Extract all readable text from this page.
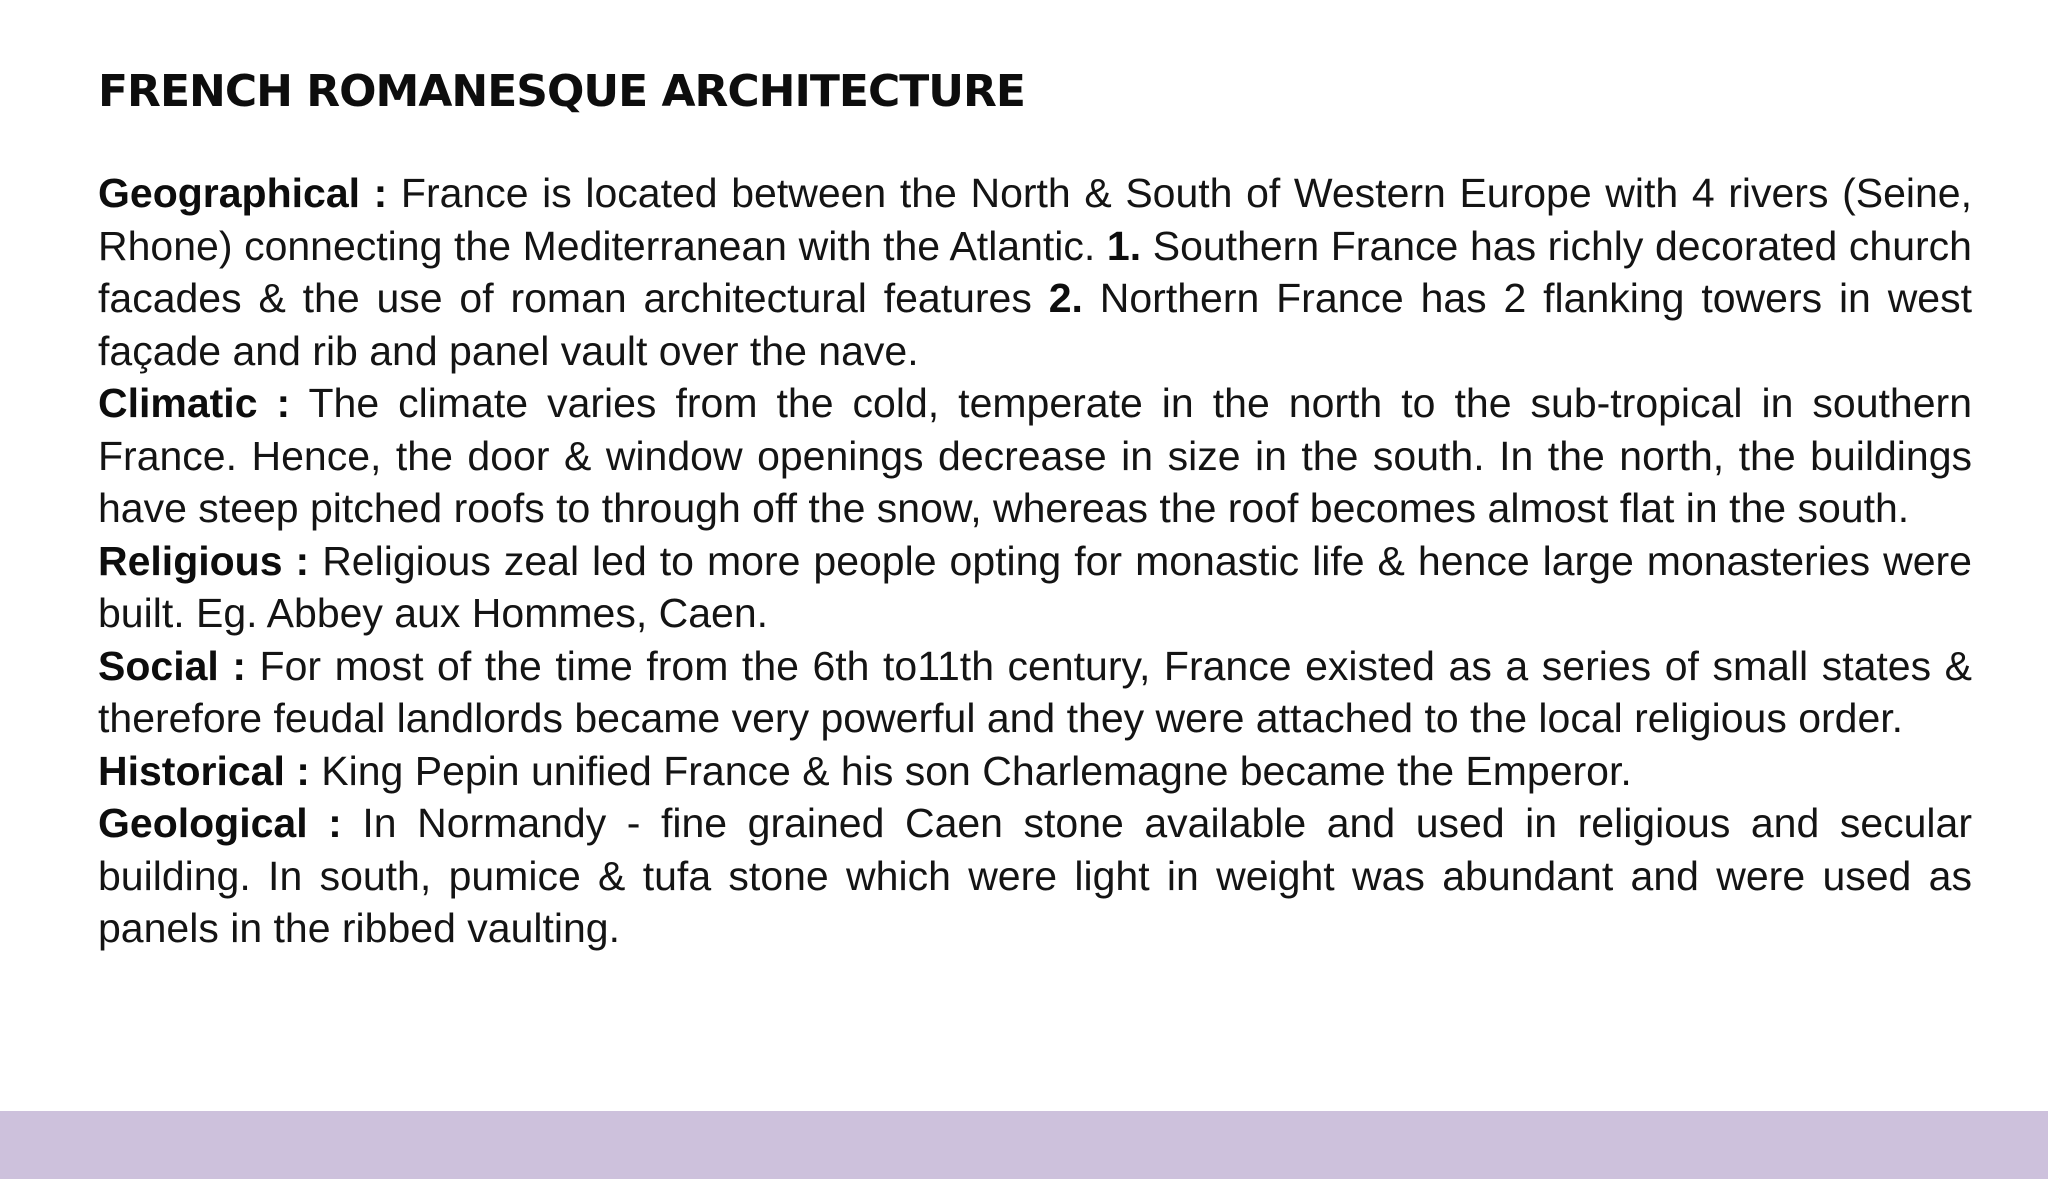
FRENCH ROMANESQUE ARCHITECTURE

Geographical : France is located between the North & South of Western Europe with 4 rivers (Seine, Rhone) connecting the Mediterranean with the Atlantic. 1. Southern France has richly decorated church facades & the use of roman architectural features 2. Northern France has 2 flanking towers in west façade and rib and panel vault over the nave.

Climatic : The climate varies from the cold, temperate in the north to the sub-tropical in southern France. Hence, the door & window openings decrease in size in the south. In the north, the buildings have steep pitched roofs to through off the snow, whereas the roof becomes almost flat in the south.

Religious : Religious zeal led to more people opting for monastic life & hence large monasteries were built. Eg. Abbey aux Hommes, Caen.

Social : For most of the time from the 6th to11th century, France existed as a series of small states & therefore feudal landlords became very powerful and they were attached to the local religious order.

Historical : King Pepin unified France & his son Charlemagne became the Emperor.

Geological : In Normandy - fine grained Caen stone available and used in religious and secular building. In south, pumice & tufa stone which were light in weight was abundant and were used as panels in the ribbed vaulting.
